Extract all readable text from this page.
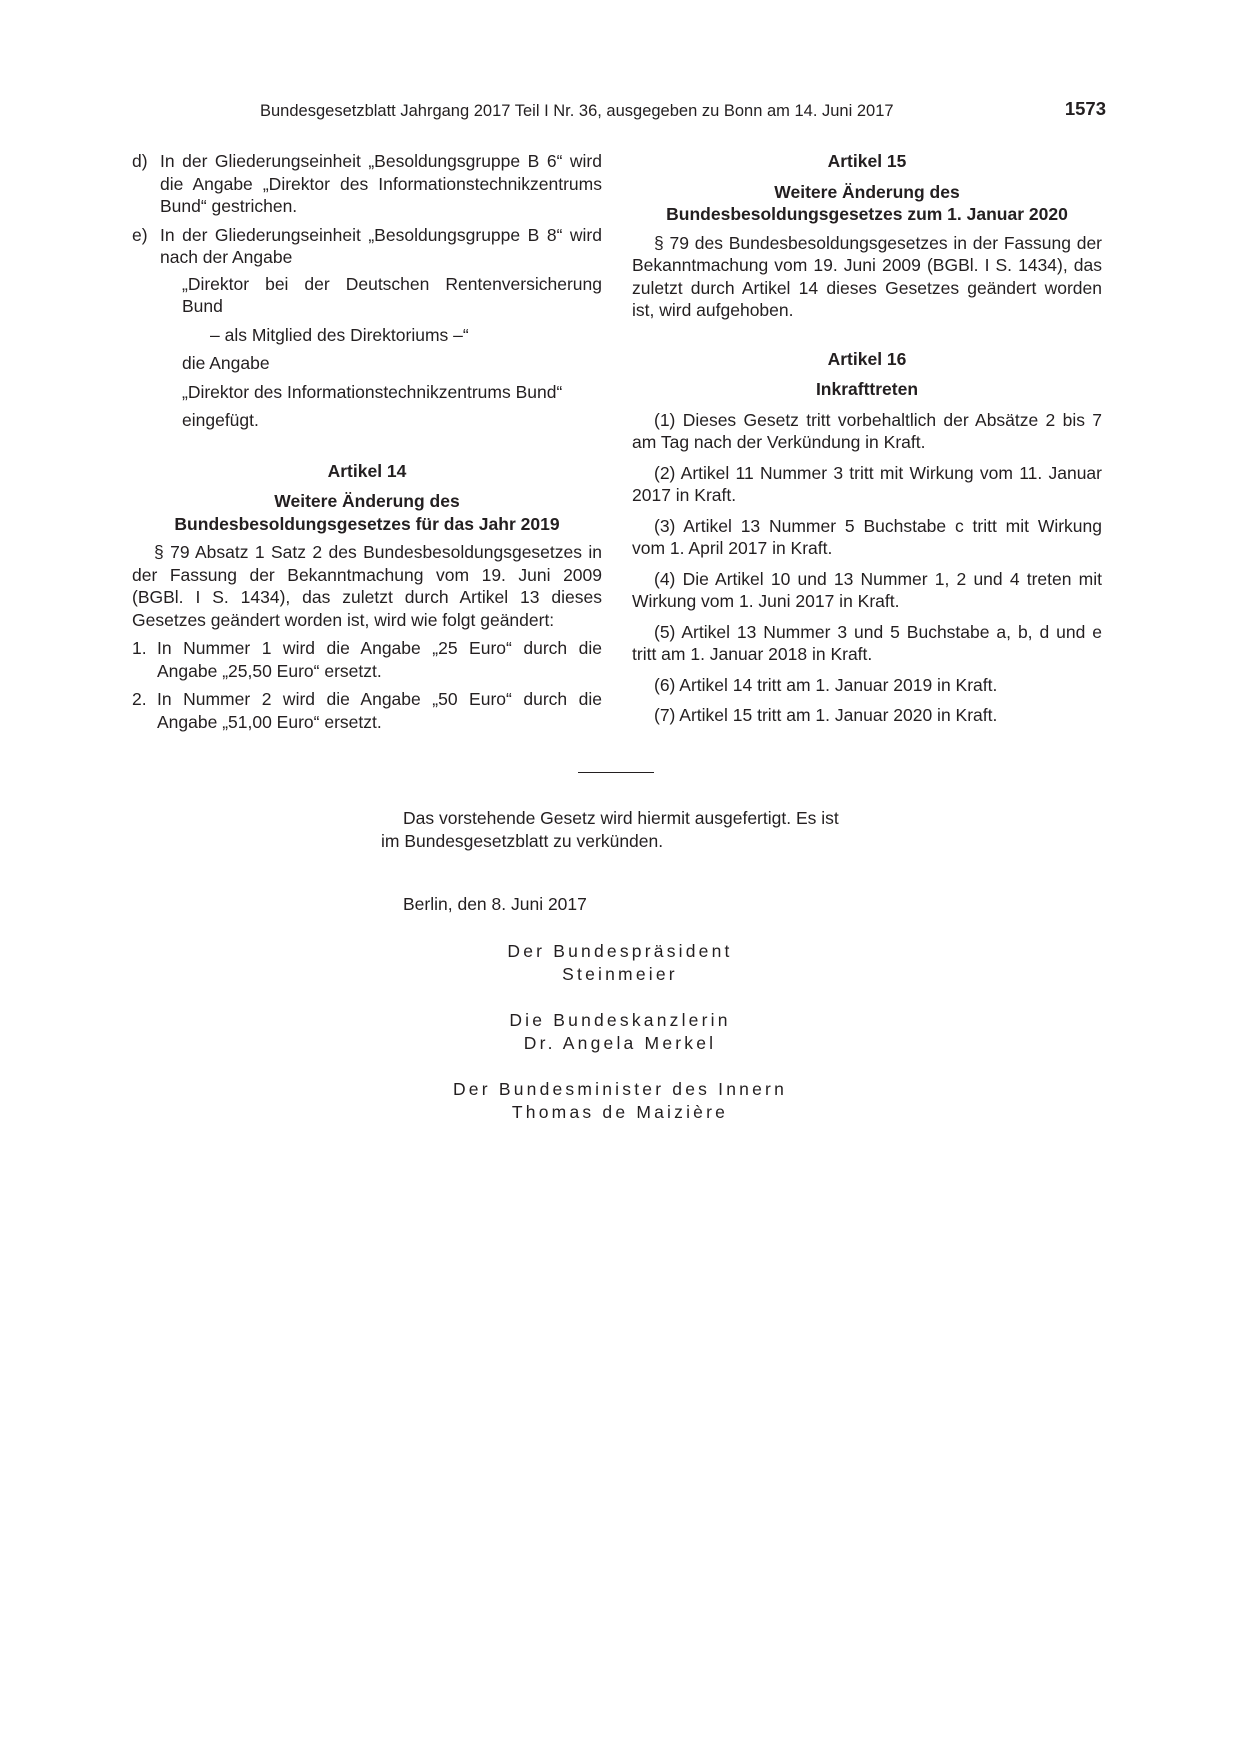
Bundesgesetzblatt Jahrgang 2017 Teil I Nr. 36, ausgegeben zu Bonn am 14. Juni 2017	1573
d) In der Gliederungseinheit „Besoldungsgruppe B 6“ wird die Angabe „Direktor des Informationstechnikzentrums Bund“ gestrichen.
e) In der Gliederungseinheit „Besoldungsgruppe B 8“ wird nach der Angabe

„Direktor bei der Deutschen Rentenversicherung Bund

– als Mitglied des Direktoriums –“

die Angabe

„Direktor des Informationstechnikzentrums Bund“

eingefügt.

Artikel 14
Weitere Änderung des
Bundesbesoldungsgesetzes für das Jahr 2019

§ 79 Absatz 1 Satz 2 des Bundesbesoldungsgesetzes in der Fassung der Bekanntmachung vom 19. Juni 2009 (BGBl. I S. 1434), das zuletzt durch Artikel 13 dieses Gesetzes geändert worden ist, wird wie folgt geändert:

1. In Nummer 1 wird die Angabe „25 Euro“ durch die Angabe „25,50 Euro“ ersetzt.
2. In Nummer 2 wird die Angabe „50 Euro“ durch die Angabe „51,00 Euro“ ersetzt.
Artikel 15
Weitere Änderung des
Bundesbesoldungsgesetzes zum 1. Januar 2020

§ 79 des Bundesbesoldungsgesetzes in der Fassung der Bekanntmachung vom 19. Juni 2009 (BGBl. I S. 1434), das zuletzt durch Artikel 14 dieses Gesetzes geändert worden ist, wird aufgehoben.

Artikel 16
Inkrafttreten

(1) Dieses Gesetz tritt vorbehaltlich der Absätze 2 bis 7 am Tag nach der Verkündung in Kraft.

(2) Artikel 11 Nummer 3 tritt mit Wirkung vom 11. Januar 2017 in Kraft.

(3) Artikel 13 Nummer 5 Buchstabe c tritt mit Wirkung vom 1. April 2017 in Kraft.

(4) Die Artikel 10 und 13 Nummer 1, 2 und 4 treten mit Wirkung vom 1. Juni 2017 in Kraft.

(5) Artikel 13 Nummer 3 und 5 Buchstabe a, b, d und e tritt am 1. Januar 2018 in Kraft.

(6) Artikel 14 tritt am 1. Januar 2019 in Kraft.

(7) Artikel 15 tritt am 1. Januar 2020 in Kraft.

Das vorstehende Gesetz wird hiermit ausgefertigt. Es ist im Bundesgesetzblatt zu verkünden.

Berlin, den 8. Juni 2017
Der Bundespräsident
Steinmeier
Die Bundeskanzlerin
Dr. Angela Merkel
Der Bundesminister des Innern
Thomas de Maizière
